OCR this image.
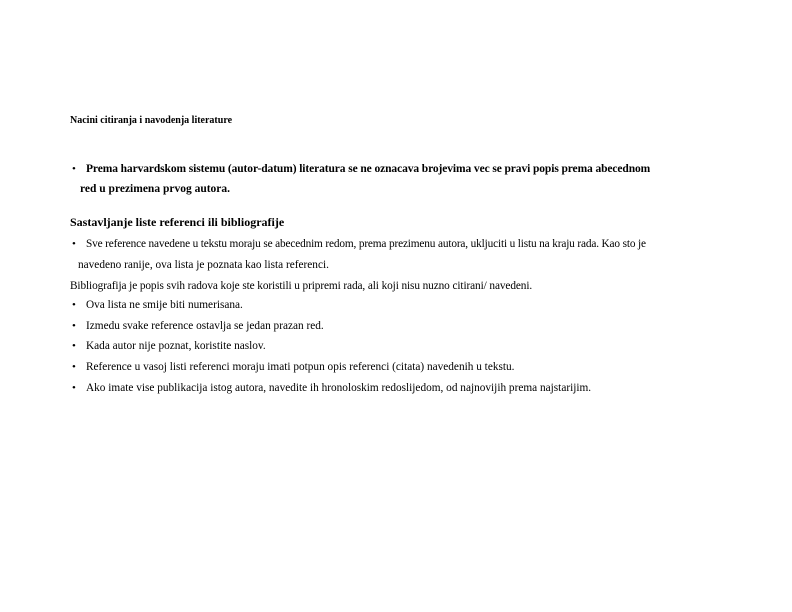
Nacini citiranja i navodenja literature
• Prema harvardskom sistemu (autor-datum) literatura se ne oznacava brojevima vec se pravi popis prema abecednom
red u prezimena prvog autora.
Sastavljanje liste referenci ili bibliografije
• Sve reference navedene u tekstu moraju se abecednim redom, prema prezimenu autora, ukljuciti u listu na kraju rada. Kao sto je
navedeno ranije, ova lista je poznata kao lista referenci.
Bibliografija je popis svih radova koje ste koristili u pripremi rada, ali koji nisu nuzno citirani/ navedeni.
• Ova lista ne smije biti numerisana.
• Izmedu svake reference ostavlja se jedan prazan red.
• Kada autor nije poznat, koristite naslov.
• Reference u vasoj listi referenci moraju imati potpun opis referenci (citata) navedenih u tekstu.
• Ako imate vise publikacija istog autora, navedite ih hronoloskim redoslijedom, od najnovijih prema najstarijim.
